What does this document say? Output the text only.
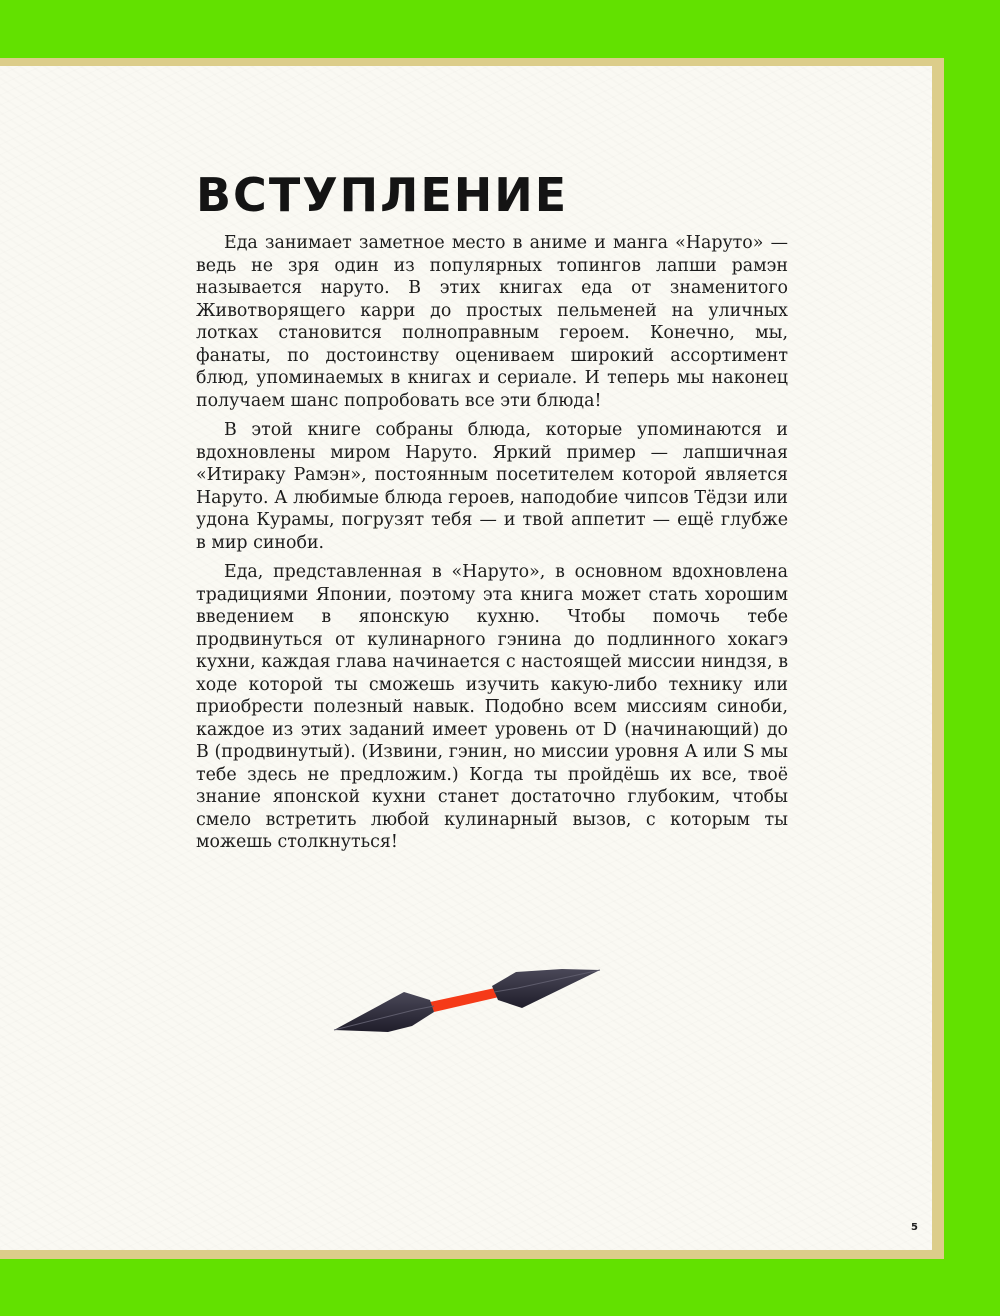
ВСТУПЛЕНИЕ

Еда занимает заметное место в аниме и манга «Наруто» — ведь не зря один из популярных топингов лапши рамэн называется наруто. В этих книгах еда от знаменитого Животворящего карри до простых пельменей на уличных лотках становится полноправным героем. Конечно, мы, фанаты, по достоинству оцениваем широкий ассортимент блюд, упоминаемых в книгах и сериале. И теперь мы наконец получаем шанс попробовать все эти блюда!

В этой книге собраны блюда, которые упоминаются и вдохновлены миром Наруто. Яркий пример — лапшичная «Итираку Рамэн», постоянным посетителем которой является Наруто. А любимые блюда героев, наподобие чипсов Тёдзи или удона Курамы, погрузят тебя — и твой аппетит — ещё глубже в мир синоби.

Еда, представленная в «Наруто», в основном вдохновлена традициями Японии, поэтому эта книга может стать хорошим введением в японскую кухню. Чтобы помочь тебе продвинуться от кулинарного гэнина до подлинного хокагэ кухни, каждая глава начинается с настоящей миссии ниндзя, в ходе которой ты сможешь изучить какую-либо технику или приобрести полезный навык. Подобно всем миссиям синоби, каждое из этих заданий имеет уровень от D (начинающий) до B (продвинутый). (Извини, гэнин, но миссии уровня A или S мы тебе здесь не предложим.) Когда ты пройдёшь их все, твоё знание японской кухни станет достаточно глубоким, чтобы смело встретить любой кулинарный вызов, с которым ты можешь столкнуться!

5
